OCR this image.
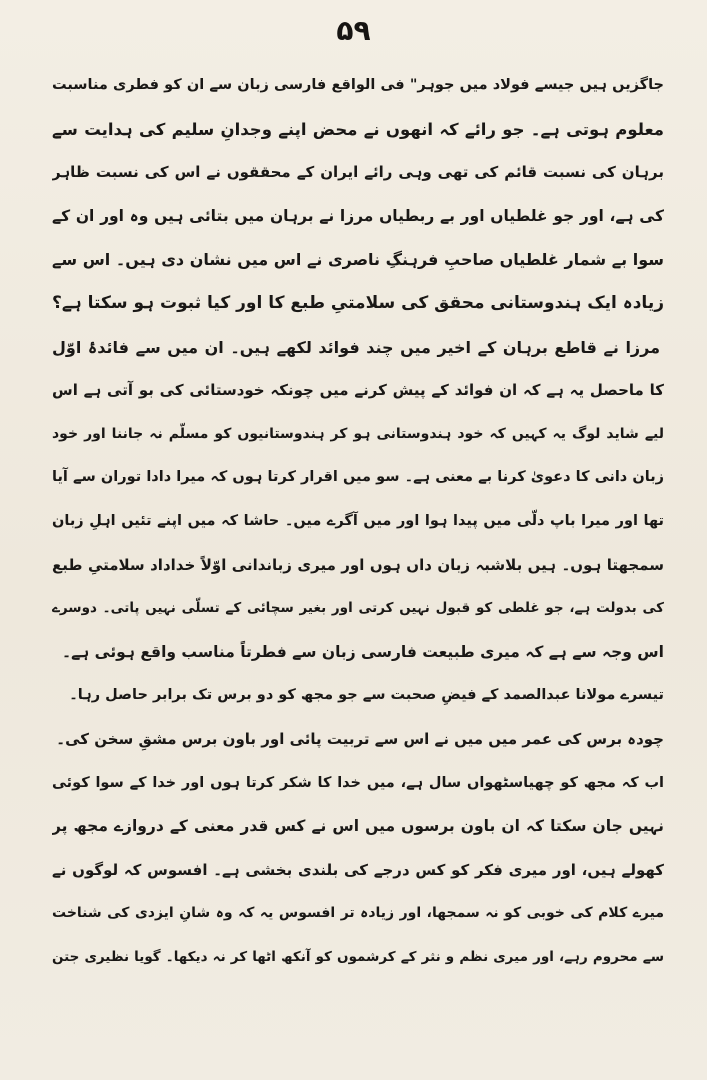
۵۹
جاگزیں ہیں جیسے فولاد میں جوہر" فی الواقع فارسی زبان سے ان کو فطری مناسبت
معلوم ہوتی ہے۔ جو رائے کہ انھوں نے محض اپنے وجدانِ سلیم کی ہدایت سے
برہان کی نسبت قائم کی تھی وہی رائے ایران کے محققوں نے اس کی نسبت ظاہر
کی ہے، اور جو غلطیاں اور بے ربطیاں مرزا نے برہان میں بتائی ہیں وہ اور ان کے
سوا بے شمار غلطیاں صاحبِ فرہنگِ ناصری نے اس میں نشان دی ہیں۔ اس سے
زیادہ ایک ہندوستانی محقق کی سلامتیِ طبع کا اور کیا ثبوت ہو سکتا ہے؟
مرزا نے قاطع برہان کے اخیر میں چند فوائد لکھے ہیں۔ ان میں سے فائدۂ اوّل
کا ماحصل یہ ہے کہ ان فوائد کے پیش کرنے میں چونکہ خودستائی کی بو آتی ہے اس
لیے شاید لوگ یہ کہیں کہ خود ہندوستانی ہو کر ہندوستانیوں کو مسلّم نہ جاننا اور خود
زبان دانی کا دعویٰ کرنا بے معنی ہے۔ سو میں اقرار کرتا ہوں کہ میرا دادا توران سے آیا
تھا اور میرا باپ دلّی میں پیدا ہوا اور میں آگرے میں۔ حاشا کہ میں اپنے تئیں اہلِ زبان
سمجھتا ہوں۔ ہیں بلاشبہ زبان داں ہوں اور میری زباندانی اوّلاً خداداد سلامتیِ طبع
کی بدولت ہے، جو غلطی کو قبول نہیں کرتی اور بغیر سچائی کے تسلّی نہیں پاتی۔ دوسرے
اس وجہ سے ہے کہ میری طبیعت فارسی زبان سے فطرتاً مناسب واقع ہوئی ہے۔
تیسرے مولانا عبدالصمد کے فیضِ صحبت سے جو مجھ کو دو برس تک برابر حاصل رہا۔
چودہ برس کی عمر میں میں نے اس سے تربیت پائی اور باون برس مشقِ سخن کی۔
اب کہ مجھ کو چھیاسٹھواں سال ہے، میں خدا کا شکر کرتا ہوں اور خدا کے سوا کوئی
نہیں جان سکتا کہ ان باون برسوں میں اس نے کس قدر معنی کے دروازے مجھ پر
کھولے ہیں، اور میری فکر کو کس درجے کی بلندی بخشی ہے۔ افسوس کہ لوگوں نے
میرے کلام کی خوبی کو نہ سمجھا، اور زیادہ تر افسوس یہ کہ وہ شانِ ایزدی کی شناخت
سے محروم رہے، اور میری نظم و نثر کے کرشموں کو آنکھ اٹھا کر نہ دیکھا۔ گویا نظیری جتن
